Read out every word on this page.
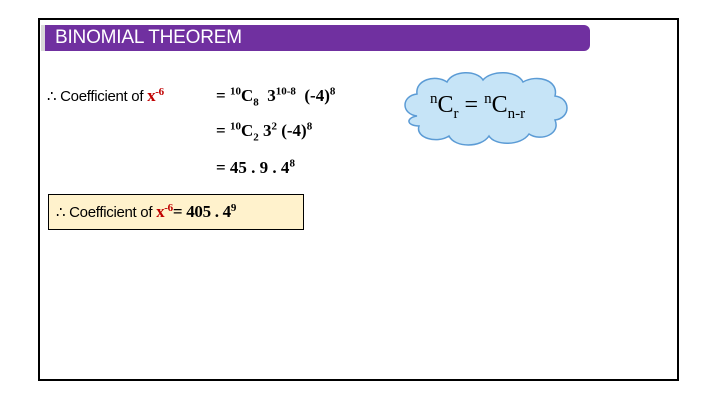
BINOMIAL THEOREM
∴ Coefficient of $x^{-6}$	= $^{10}C_8$  3$^{10-8}$  $(-4)^8$
= $^{10}C_2$ $3^2$ $(-4)^8$
= 45 . 9 . $4^8$
∴ Coefficient of $x^{-6}= 405$ . $4^9$
$^nC_r = ^nC_{n-r}$
